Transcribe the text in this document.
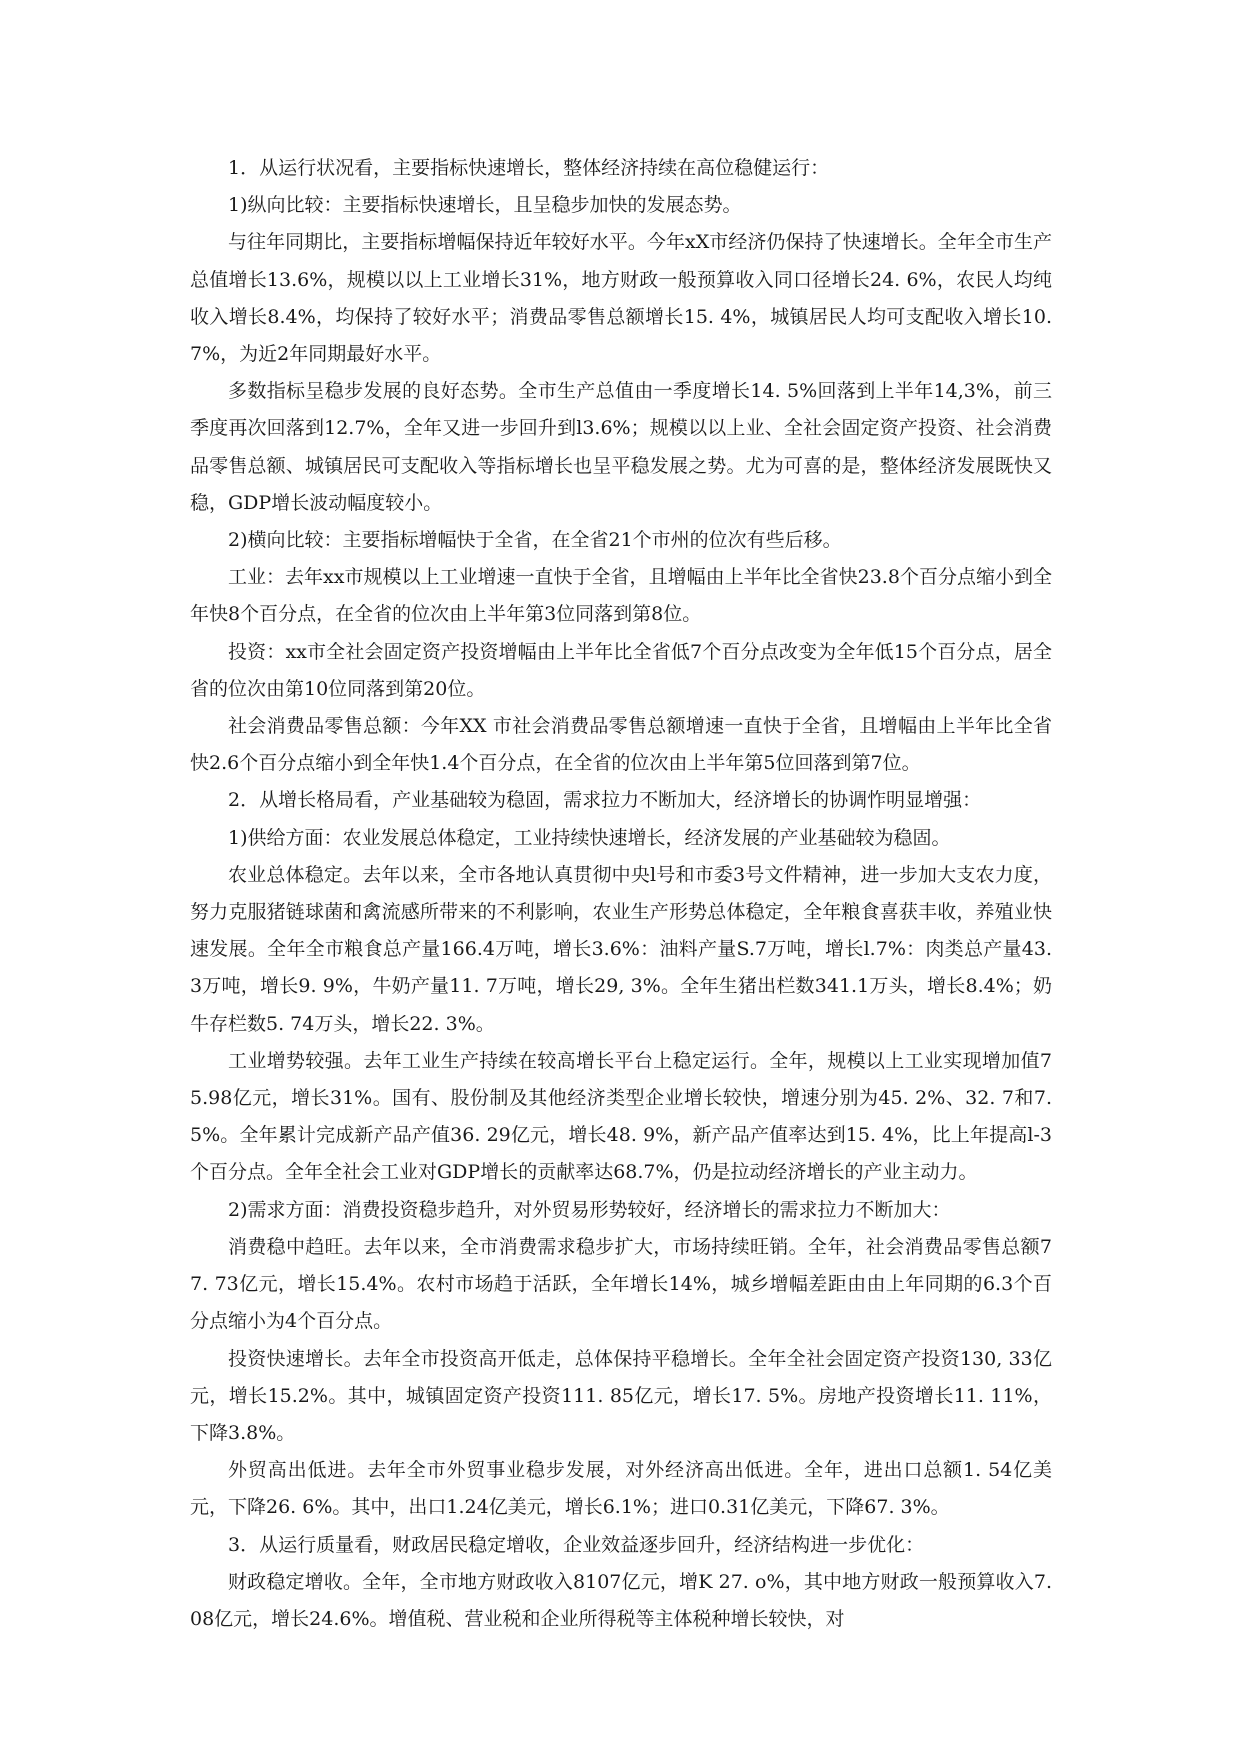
1．从运行状况看，主要指标快速增长，整体经济持续在高位稳健运行：

1)纵向比较：主要指标快速增长，且呈稳步加快的发展态势。

与往年同期比，主要指标增幅保持近年较好水平。今年xX市经济仍保持了快速增长。全年全市生产总值增长13.6%，规模以以上工业增长31%，地方财政一般预算收入同口径增长24. 6%，农民人均纯收入增长8.4%，均保持了较好水平；消费品零售总额增长15. 4%，城镇居民人均可支配收入增长10. 7%，为近2年同期最好水平。

多数指标呈稳步发展的良好态势。全市生产总值由一季度增长14. 5%回落到上半年14,3%，前三季度再次回落到12.7%，全年又进一步回升到l3.6%；规模以以上业、全社会固定资产投资、社会消费品零售总额、城镇居民可支配收入等指标增长也呈平稳发展之势。尤为可喜的是，整体经济发展既快又稳，GDP增长波动幅度较小。

2)横向比较：主要指标增幅快于全省，在全省21个市州的位次有些后移。

工业：去年xx市规模以上工业增速一直快于全省，且增幅由上半年比全省快23.8个百分点缩小到全年快8个百分点，在全省的位次由上半年第3位同落到第8位。

投资：xx市全社会固定资产投资增幅由上半年比全省低7个百分点改变为全年低15个百分点，居全省的位次由第10位同落到第20位。

社会消费品零售总额：今年XX 市社会消费品零售总额增速一直快于全省，且增幅由上半年比全省快2.6个百分点缩小到全年快1.4个百分点，在全省的位次由上半年第5位回落到第7位。

2．从增长格局看，产业基础较为稳固，需求拉力不断加大，经济增长的协调怍明显增强：

1)供给方面：农业发展总体稳定，工业持续快速增长，经济发展的产业基础较为稳固。

农业总体稳定。去年以来，全市各地认真贯彻中央l号和市委3号文件精神，进一步加大支农力度，努力克服猪链球菌和禽流感所带来的不利影响，农业生产形势总体稳定，全年粮食喜获丰收，养殖业快速发展。全年全市粮食总产量166.4万吨，增长3.6%：油料产量S.7万吨，增长l.7%：肉类总产量43.3万吨，增长9. 9%，牛奶产量11. 7万吨，增长29, 3%。全年生猪出栏数341.1万头，增长8.4%；奶牛存栏数5. 74万头，增长22. 3%。

工业增势较强。去年工业生产持续在较高增长平台上稳定运行。全年，规模以上工业实现增加值75.98亿元，增长31%。国有、股份制及其他经济类型企业增长较快，增速分别为45. 2%、32. 7和7. 5%。全年累计完成新产品产值36. 29亿元，增长48. 9%，新产品产值率达到15. 4%，比上年提高l-3个百分点。全年全社会工业对GDP增长的贡献率达68.7%，仍是拉动经济增长的产业主动力。

2)需求方面：消费投资稳步趋升，对外贸易形势较好，经济增长的需求拉力不断加大：

消费稳中趋旺。去年以来，全市消费需求稳步扩大，市场持续旺销。全年，社会消费品零售总额77. 73亿元，增长15.4%。农村市场趋于活跃，全年增长14%，城乡增幅差距由由上年同期的6.3个百分点缩小为4个百分点。

投资快速增长。去年全市投资高开低走，总体保持平稳增长。全年全社会固定资产投资130, 33亿元，增长15.2%。其中，城镇固定资产投资111. 85亿元，增长17. 5%。房地产投资增长11. 11%，下降3.8%。

外贸高出低进。去年全市外贸事业稳步发展，对外经济高出低进。全年，进出口总额1. 54亿美元，下降26. 6%。其中，出口1.24亿美元，增长6.1%；进口0.31亿美元，下降67. 3%。

3．从运行质量看，财政居民稳定增收，企业效益逐步回升，经济结构进一步优化：

财政稳定增收。全年，全市地方财政收入8107亿元，增K 27. o%，其中地方财政一般预算收入7. 08亿元，增长24.6%。增值税、营业税和企业所得税等主体税种增长较快，对
